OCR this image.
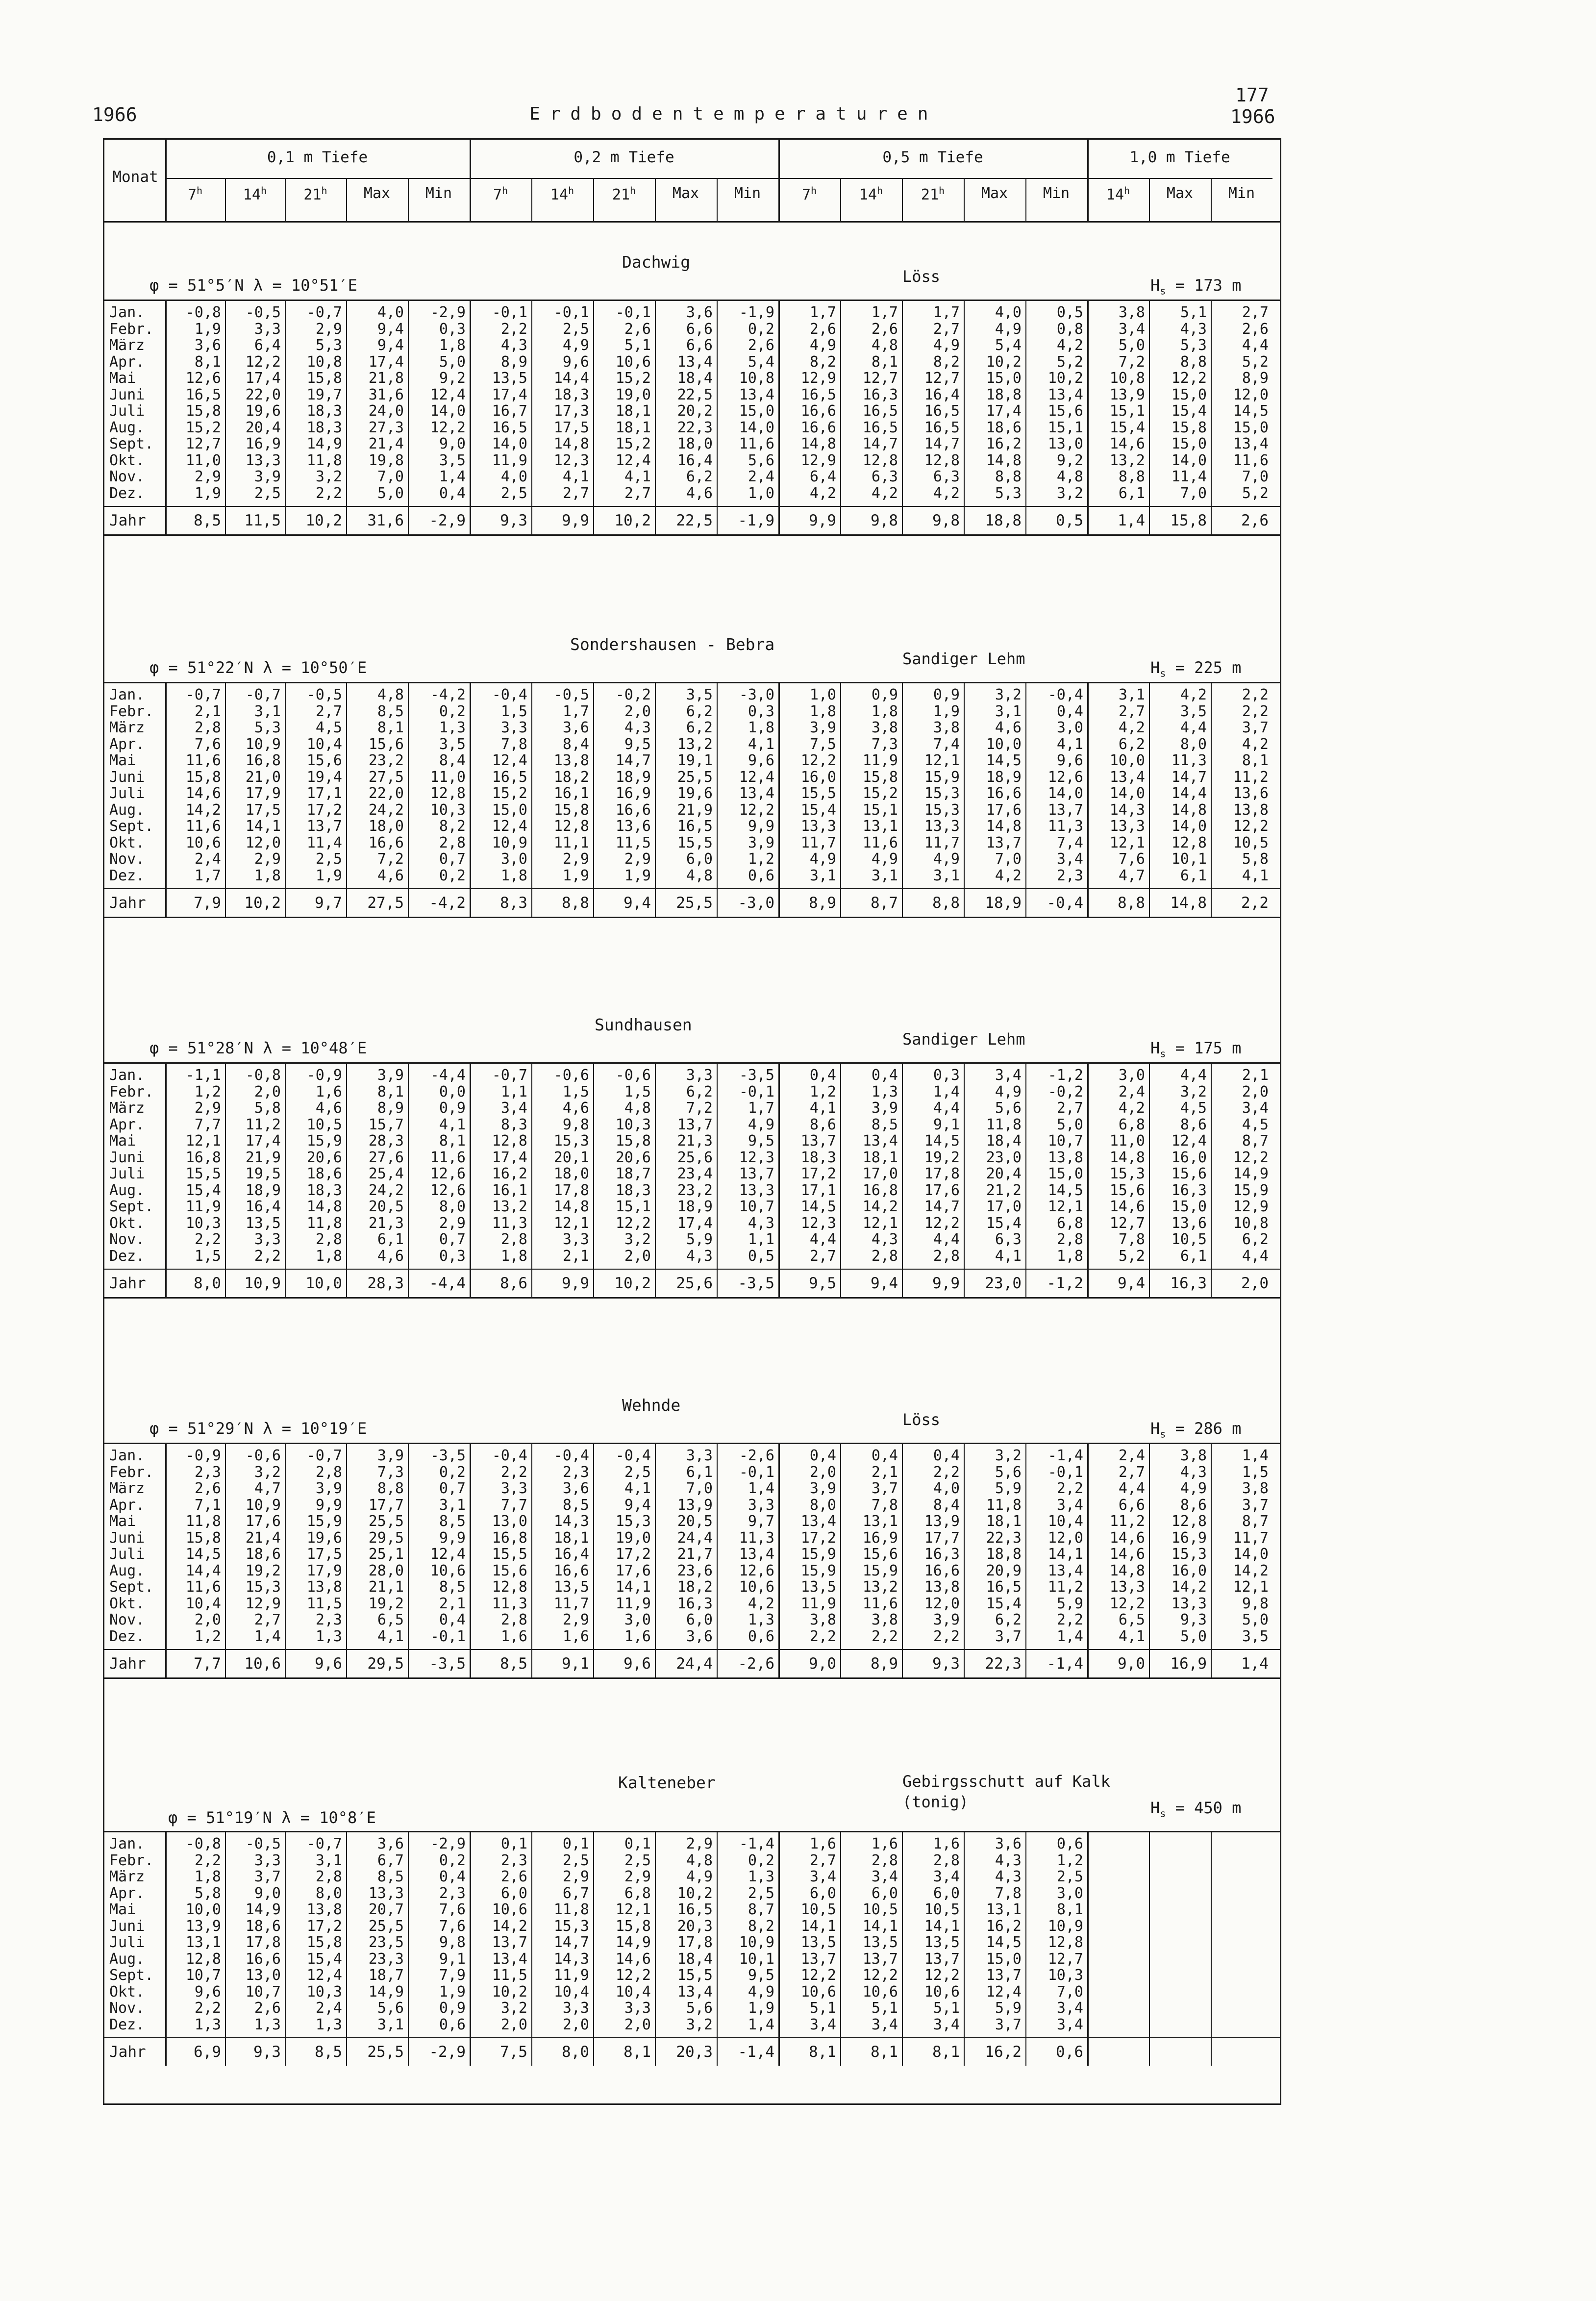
1966	Erdbodentemperaturen
177
1966
Monat
0,1 m Tiefe	0,2 m Tiefe	0,5 m Tiefe	1,0 m Tiefe
7$^h$	14$^h$	21$^h$	Max	Min	7$^h$	14$^h$	21$^h$	Max	Min	7$^h$	14$^h$	21$^h$	Max	Min	14$^h$	Max	Min
Dachwig
φ = 51°5′N λ = 10°51′E	Löss	$H_s = 173$ m
Jan.	-0,8	-0,5	-0,7	4,0	-2,9	-0,1	-0,1	-0,1	3,6	-1,9	1,7	1,7	1,7	4,0	0,5	3,8	5,1	2,7
Febr.	1,9	3,3	2,9	9,4	0,3	2,2	2,5	2,6	6,6	0,2	2,6	2,6	2,7	4,9	0,8	3,4	4,3	2,6
März	3,6	6,4	5,3	9,4	1,8	4,3	4,9	5,1	6,6	2,6	4,9	4,8	4,9	5,4	4,2	5,0	5,3	4,4
Apr.	8,1	12,2	10,8	17,4	5,0	8,9	9,6	10,6	13,4	5,4	8,2	8,1	8,2	10,2	5,2	7,2	8,8	5,2
Mai	12,6	17,4	15,8	21,8	9,2	13,5	14,4	15,2	18,4	10,8	12,9	12,7	12,7	15,0	10,2	10,8	12,2	8,9
Juni	16,5	22,0	19,7	31,6	12,4	17,4	18,3	19,0	22,5	13,4	16,5	16,3	16,4	18,8	13,4	13,9	15,0	12,0
Juli	15,8	19,6	18,3	24,0	14,0	16,7	17,3	18,1	20,2	15,0	16,6	16,5	16,5	17,4	15,6	15,1	15,4	14,5
Aug.	15,2	20,4	18,3	27,3	12,2	16,5	17,5	18,1	22,3	14,0	16,6	16,5	16,5	18,6	15,1	15,4	15,8	15,0
Sept.	12,7	16,9	14,9	21,4	9,0	14,0	14,8	15,2	18,0	11,6	14,8	14,7	14,7	16,2	13,0	14,6	15,0	13,4
Okt.	11,0	13,3	11,8	19,8	3,5	11,9	12,3	12,4	16,4	5,6	12,9	12,8	12,8	14,8	9,2	13,2	14,0	11,6
Nov.	2,9	3,9	3,2	7,0	1,4	4,0	4,1	4,1	6,2	2,4	6,4	6,3	6,3	8,8	4,8	8,8	11,4	7,0
Dez.	1,9	2,5	2,2	5,0	0,4	2,5	2,7	2,7	4,6	1,0	4,2	4,2	4,2	5,3	3,2	6,1	7,0	5,2
Jahr	8,5	11,5	10,2	31,6	-2,9	9,3	9,9	10,2	22,5	-1,9	9,9	9,8	9,8	18,8	0,5	1,4	15,8	2,6
Sondershausen - Bebra
φ = 51°22′N λ = 10°50′E	Sandiger Lehm	$H_s = 225$ m
Jan.	-0,7	-0,7	-0,5	4,8	-4,2	-0,4	-0,5	-0,2	3,5	-3,0	1,0	0,9	0,9	3,2	-0,4	3,1	4,2	2,2
Febr.	2,1	3,1	2,7	8,5	0,2	1,5	1,7	2,0	6,2	0,3	1,8	1,8	1,9	3,1	0,4	2,7	3,5	2,2
März	2,8	5,3	4,5	8,1	1,3	3,3	3,6	4,3	6,2	1,8	3,9	3,8	3,8	4,6	3,0	4,2	4,4	3,7
Apr.	7,6	10,9	10,4	15,6	3,5	7,8	8,4	9,5	13,2	4,1	7,5	7,3	7,4	10,0	4,1	6,2	8,0	4,2
Mai	11,6	16,8	15,6	23,2	8,4	12,4	13,8	14,7	19,1	9,6	12,2	11,9	12,1	14,5	9,6	10,0	11,3	8,1
Juni	15,8	21,0	19,4	27,5	11,0	16,5	18,2	18,9	25,5	12,4	16,0	15,8	15,9	18,9	12,6	13,4	14,7	11,2
Juli	14,6	17,9	17,1	22,0	12,8	15,2	16,1	16,9	19,6	13,4	15,5	15,2	15,3	16,6	14,0	14,0	14,4	13,6
Aug.	14,2	17,5	17,2	24,2	10,3	15,0	15,8	16,6	21,9	12,2	15,4	15,1	15,3	17,6	13,7	14,3	14,8	13,8
Sept.	11,6	14,1	13,7	18,0	8,2	12,4	12,8	13,6	16,5	9,9	13,3	13,1	13,3	14,8	11,3	13,3	14,0	12,2
Okt.	10,6	12,0	11,4	16,6	2,8	10,9	11,1	11,5	15,5	3,9	11,7	11,6	11,7	13,7	7,4	12,1	12,8	10,5
Nov.	2,4	2,9	2,5	7,2	0,7	3,0	2,9	2,9	6,0	1,2	4,9	4,9	4,9	7,0	3,4	7,6	10,1	5,8
Dez.	1,7	1,8	1,9	4,6	0,2	1,8	1,9	1,9	4,8	0,6	3,1	3,1	3,1	4,2	2,3	4,7	6,1	4,1
Jahr	7,9	10,2	9,7	27,5	-4,2	8,3	8,8	9,4	25,5	-3,0	8,9	8,7	8,8	18,9	-0,4	8,8	14,8	2,2
Sundhausen
φ = 51°28′N λ = 10°48′E	Sandiger Lehm	$H_s = 175$ m
Jan.	-1,1	-0,8	-0,9	3,9	-4,4	-0,7	-0,6	-0,6	3,3	-3,5	0,4	0,4	0,3	3,4	-1,2	3,0	4,4	2,1
Febr.	1,2	2,0	1,6	8,1	0,0	1,1	1,5	1,5	6,2	-0,1	1,2	1,3	1,4	4,9	-0,2	2,4	3,2	2,0
März	2,9	5,8	4,6	8,9	0,9	3,4	4,6	4,8	7,2	1,7	4,1	3,9	4,4	5,6	2,7	4,2	4,5	3,4
Apr.	7,7	11,2	10,5	15,7	4,1	8,3	9,8	10,3	13,7	4,9	8,6	8,5	9,1	11,8	5,0	6,8	8,6	4,5
Mai	12,1	17,4	15,9	28,3	8,1	12,8	15,3	15,8	21,3	9,5	13,7	13,4	14,5	18,4	10,7	11,0	12,4	8,7
Juni	16,8	21,9	20,6	27,6	11,6	17,4	20,1	20,6	25,6	12,3	18,3	18,1	19,2	23,0	13,8	14,8	16,0	12,2
Juli	15,5	19,5	18,6	25,4	12,6	16,2	18,0	18,7	23,4	13,7	17,2	17,0	17,8	20,4	15,0	15,3	15,6	14,9
Aug.	15,4	18,9	18,3	24,2	12,6	16,1	17,8	18,3	23,2	13,3	17,1	16,8	17,6	21,2	14,5	15,6	16,3	15,9
Sept.	11,9	16,4	14,8	20,5	8,0	13,2	14,8	15,1	18,9	10,7	14,5	14,2	14,7	17,0	12,1	14,6	15,0	12,9
Okt.	10,3	13,5	11,8	21,3	2,9	11,3	12,1	12,2	17,4	4,3	12,3	12,1	12,2	15,4	6,8	12,7	13,6	10,8
Nov.	2,2	3,3	2,8	6,1	0,7	2,8	3,3	3,2	5,9	1,1	4,4	4,3	4,4	6,3	2,8	7,8	10,5	6,2
Dez.	1,5	2,2	1,8	4,6	0,3	1,8	2,1	2,0	4,3	0,5	2,7	2,8	2,8	4,1	1,8	5,2	6,1	4,4
Jahr	8,0	10,9	10,0	28,3	-4,4	8,6	9,9	10,2	25,6	-3,5	9,5	9,4	9,9	23,0	-1,2	9,4	16,3	2,0
Wehnde
φ = 51°29′N λ = 10°19′E	Löss	$H_s = 286$ m
Jan.	-0,9	-0,6	-0,7	3,9	-3,5	-0,4	-0,4	-0,4	3,3	-2,6	0,4	0,4	0,4	3,2	-1,4	2,4	3,8	1,4
Febr.	2,3	3,2	2,8	7,3	0,2	2,2	2,3	2,5	6,1	-0,1	2,0	2,1	2,2	5,6	-0,1	2,7	4,3	1,5
März	2,6	4,7	3,9	8,8	0,7	3,3	3,6	4,1	7,0	1,4	3,9	3,7	4,0	5,9	2,2	4,4	4,9	3,8
Apr.	7,1	10,9	9,9	17,7	3,1	7,7	8,5	9,4	13,9	3,3	8,0	7,8	8,4	11,8	3,4	6,6	8,6	3,7
Mai	11,8	17,6	15,9	25,5	8,5	13,0	14,3	15,3	20,5	9,7	13,4	13,1	13,9	18,1	10,4	11,2	12,8	8,7
Juni	15,8	21,4	19,6	29,5	9,9	16,8	18,1	19,0	24,4	11,3	17,2	16,9	17,7	22,3	12,0	14,6	16,9	11,7
Juli	14,5	18,6	17,5	25,1	12,4	15,5	16,4	17,2	21,7	13,4	15,9	15,6	16,3	18,8	14,1	14,6	15,3	14,0
Aug.	14,4	19,2	17,9	28,0	10,6	15,6	16,6	17,6	23,6	12,6	15,9	15,9	16,6	20,9	13,4	14,8	16,0	14,2
Sept.	11,6	15,3	13,8	21,1	8,5	12,8	13,5	14,1	18,2	10,6	13,5	13,2	13,8	16,5	11,2	13,3	14,2	12,1
Okt.	10,4	12,9	11,5	19,2	2,1	11,3	11,7	11,9	16,3	4,2	11,9	11,6	12,0	15,4	5,9	12,2	13,3	9,8
Nov.	2,0	2,7	2,3	6,5	0,4	2,8	2,9	3,0	6,0	1,3	3,8	3,8	3,9	6,2	2,2	6,5	9,3	5,0
Dez.	1,2	1,4	1,3	4,1	-0,1	1,6	1,6	1,6	3,6	0,6	2,2	2,2	2,2	3,7	1,4	4,1	5,0	3,5
Jahr	7,7	10,6	9,6	29,5	-3,5	8,5	9,1	9,6	24,4	-2,6	9,0	8,9	9,3	22,3	-1,4	9,0	16,9	1,4
Kalteneber
φ = 51°19′N λ = 10°8′E
Gebirgsschutt auf Kalk
(tonig)	$H_s = 450$ m
Jan.	-0,8	-0,5	-0,7	3,6	-2,9	0,1	0,1	0,1	2,9	-1,4	1,6	1,6	1,6	3,6	0,6
Febr.	2,2	3,3	3,1	6,7	0,2	2,3	2,5	2,5	4,8	0,2	2,7	2,8	2,8	4,3	1,2
März	1,8	3,7	2,8	8,5	0,4	2,6	2,9	2,9	4,9	1,3	3,4	3,4	3,4	4,3	2,5
Apr.	5,8	9,0	8,0	13,3	2,3	6,0	6,7	6,8	10,2	2,5	6,0	6,0	6,0	7,8	3,0
Mai	10,0	14,9	13,8	20,7	7,6	10,6	11,8	12,1	16,5	8,7	10,5	10,5	10,5	13,1	8,1
Juni	13,9	18,6	17,2	25,5	7,6	14,2	15,3	15,8	20,3	8,2	14,1	14,1	14,1	16,2	10,9
Juli	13,1	17,8	15,8	23,5	9,8	13,7	14,7	14,9	17,8	10,9	13,5	13,5	13,5	14,5	12,8
Aug.	12,8	16,6	15,4	23,3	9,1	13,4	14,3	14,6	18,4	10,1	13,7	13,7	13,7	15,0	12,7
Sept.	10,7	13,0	12,4	18,7	7,9	11,5	11,9	12,2	15,5	9,5	12,2	12,2	12,2	13,7	10,3
Okt.	9,6	10,7	10,3	14,9	1,9	10,2	10,4	10,4	13,4	4,9	10,6	10,6	10,6	12,4	7,0
Nov.	2,2	2,6	2,4	5,6	0,9	3,2	3,3	3,3	5,6	1,9	5,1	5,1	5,1	5,9	3,4
Dez.	1,3	1,3	1,3	3,1	0,6	2,0	2,0	2,0	3,2	1,4	3,4	3,4	3,4	3,7	3,4
Jahr	6,9	9,3	8,5	25,5	-2,9	7,5	8,0	8,1	20,3	-1,4	8,1	8,1	8,1	16,2	0,6
